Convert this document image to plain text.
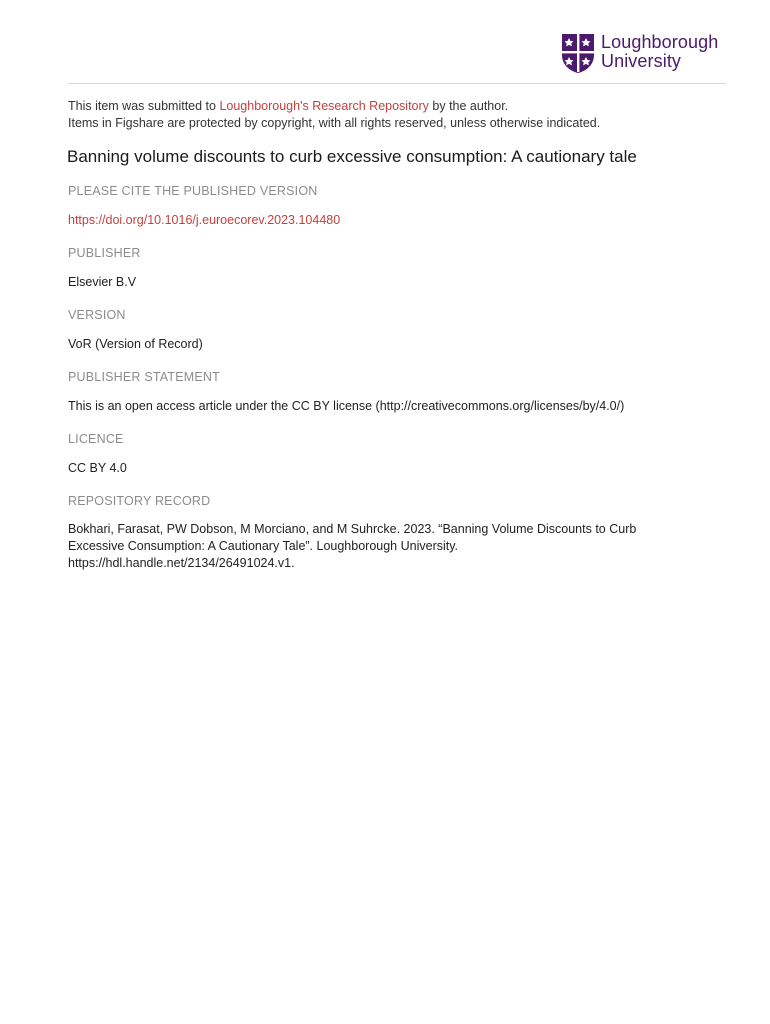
Loughborough
University
This item was submitted to Loughborough's Research Repository by the author.
Items in Figshare are protected by copyright, with all rights reserved, unless otherwise indicated.
Banning volume discounts to curb excessive consumption: A cautionary tale
PLEASE CITE THE PUBLISHED VERSION
https://doi.org/10.1016/j.euroecorev.2023.104480
PUBLISHER
Elsevier B.V
VERSION
VoR (Version of Record)
PUBLISHER STATEMENT
This is an open access article under the CC BY license (http://creativecommons.org/licenses/by/4.0/)
LICENCE
CC BY 4.0
REPOSITORY RECORD
Bokhari, Farasat, PW Dobson, M Morciano, and M Suhrcke. 2023. “Banning Volume Discounts to Curb
Excessive Consumption: A Cautionary Tale”. Loughborough University.
https://hdl.handle.net/2134/26491024.v1.
